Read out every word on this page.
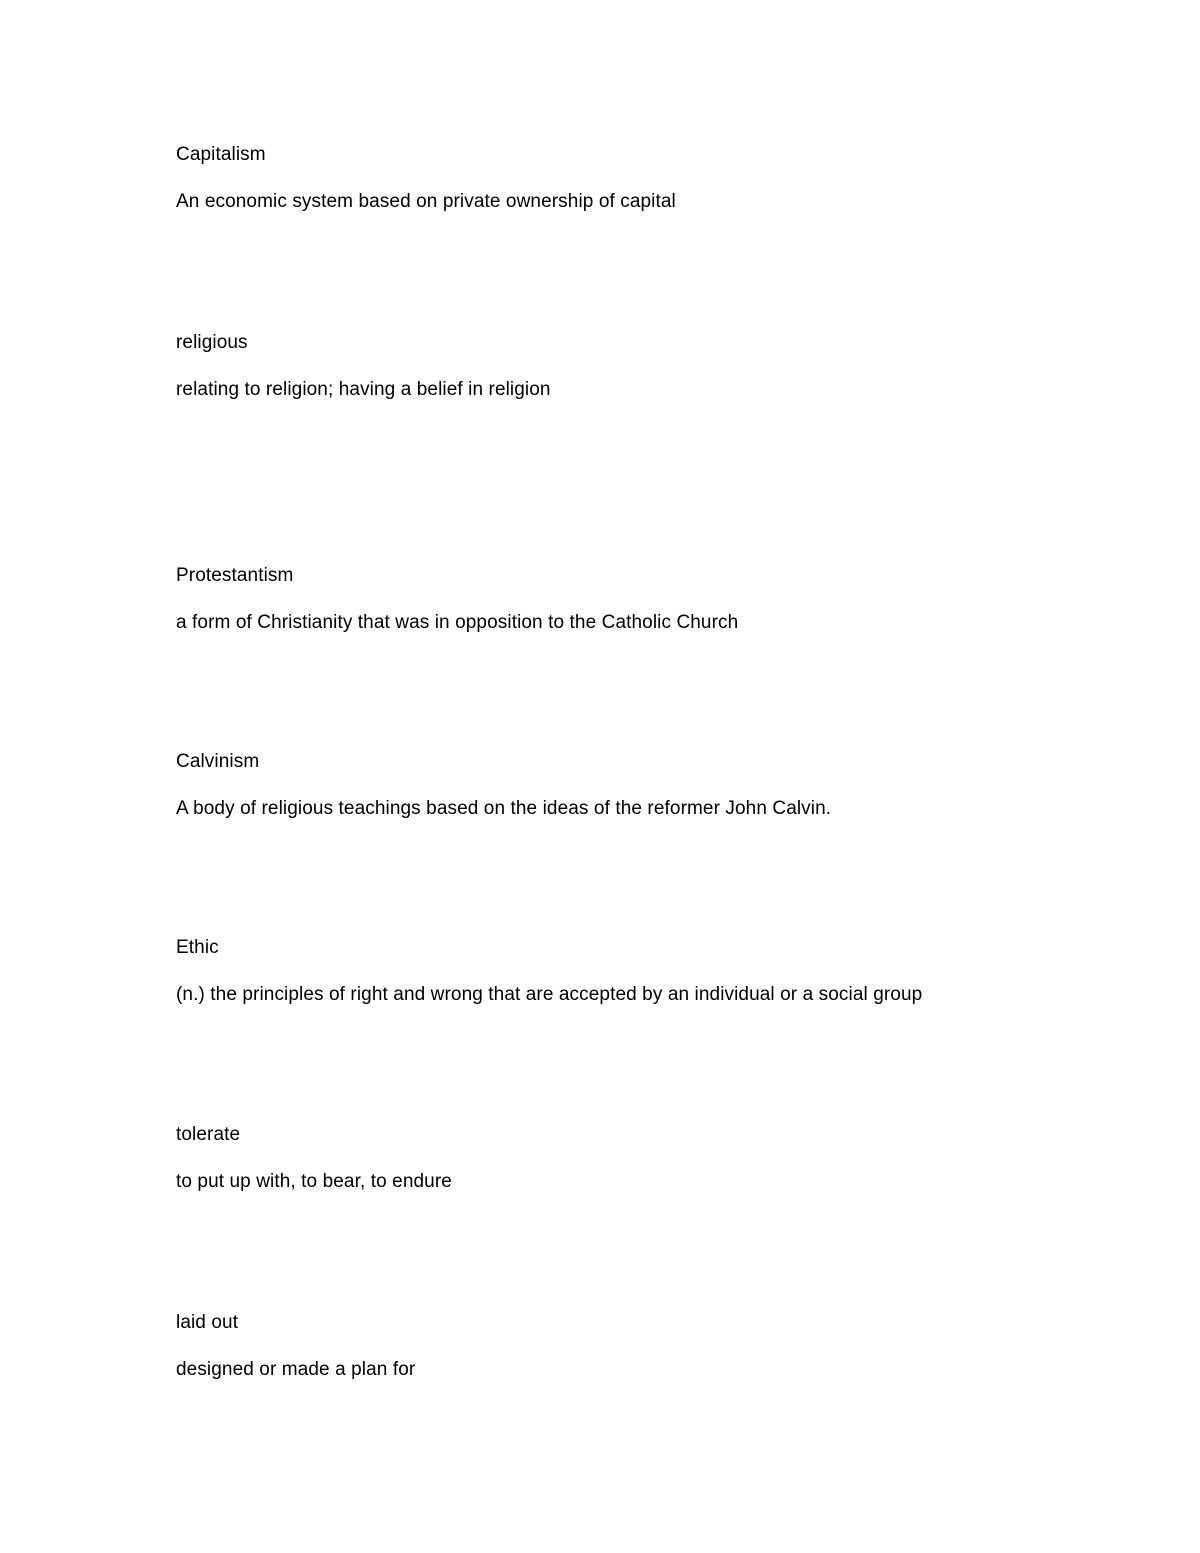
Capitalism
An economic system based on private ownership of capital
religious
relating to religion; having a belief in religion
Protestantism
a form of Christianity that was in opposition to the Catholic Church
Calvinism
A body of religious teachings based on the ideas of the reformer John Calvin.
Ethic
(n.) the principles of right and wrong that are accepted by an individual or a social group
tolerate
to put up with, to bear, to endure
laid out
designed or made a plan for
